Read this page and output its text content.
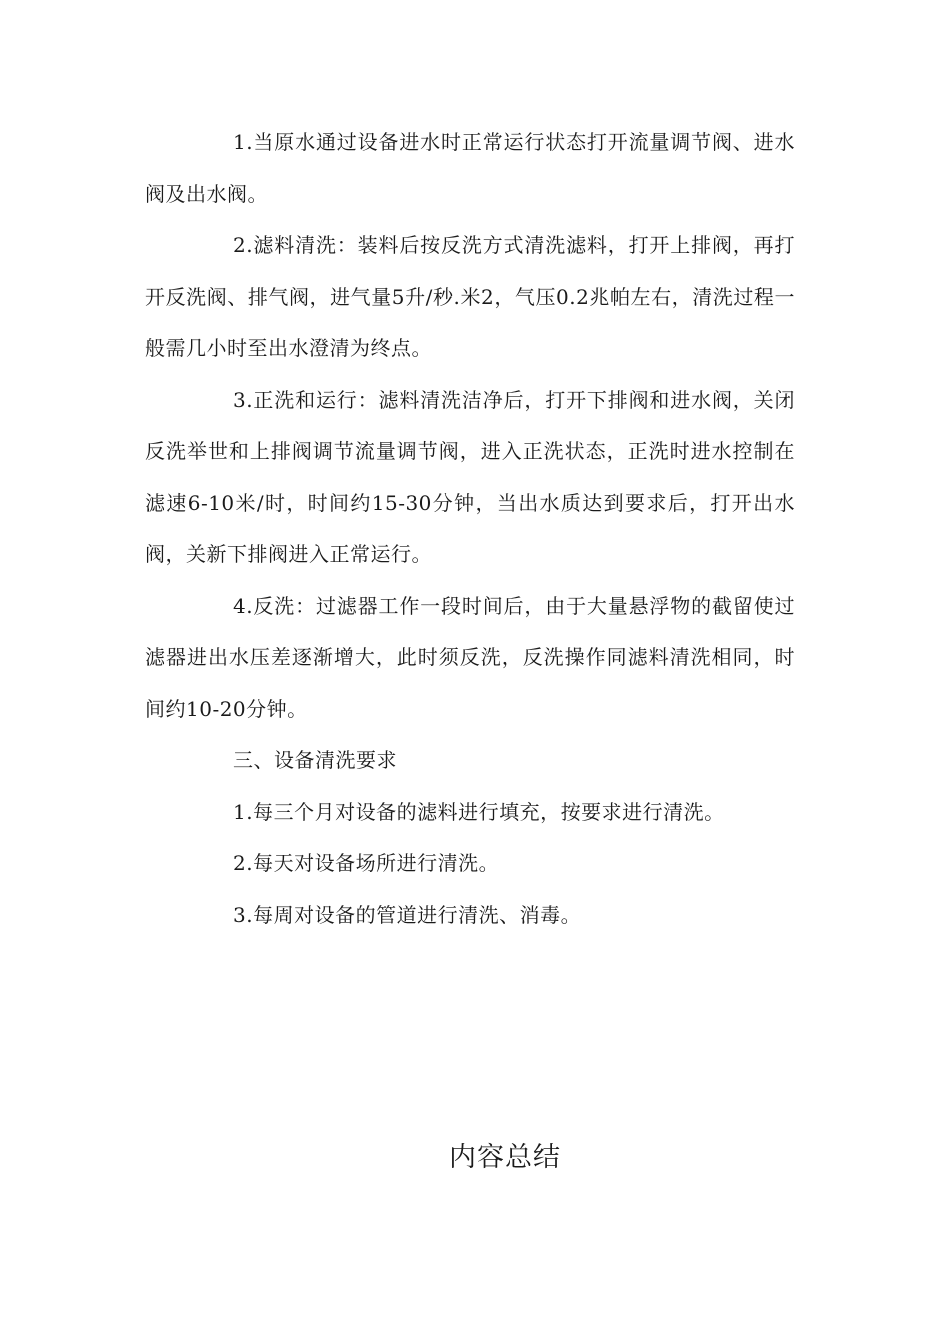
1.当原水通过设备进水时正常运行状态打开流量调节阀、进水阀及出水阀。

2.滤料清洗：装料后按反洗方式清洗滤料，打开上排阀，再打开反洗阀、排气阀，进气量5升/秒.米2，气压0.2兆帕左右，清洗过程一般需几小时至出水澄清为终点。

3.正洗和运行：滤料清洗洁净后，打开下排阀和进水阀，关闭反洗举世和上排阀调节流量调节阀，进入正洗状态，正洗时进水控制在滤速6-10米/时，时间约15-30分钟，当出水质达到要求后，打开出水阀，关新下排阀进入正常运行。

4.反洗：过滤器工作一段时间后，由于大量悬浮物的截留使过滤器进出水压差逐渐增大，此时须反洗，反洗操作同滤料清洗相同，时间约10-20分钟。

三、设备清洗要求

1.每三个月对设备的滤料进行填充，按要求进行清洗。

2.每天对设备场所进行清洗。

3.每周对设备的管道进行清洗、消毒。

内容总结
